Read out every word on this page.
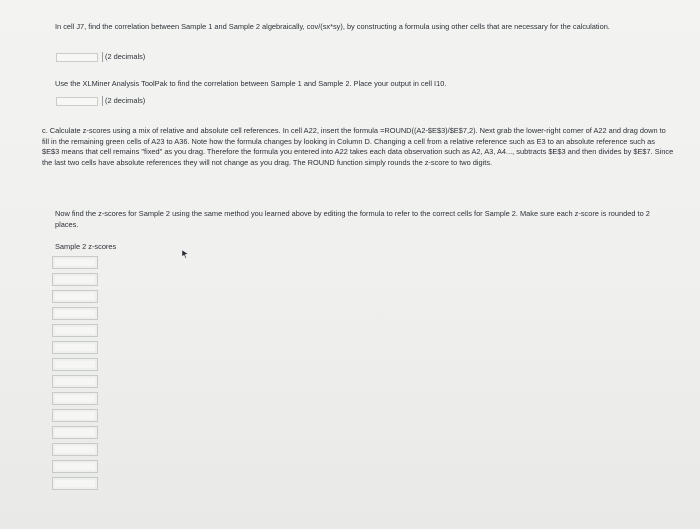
In cell J7, find the correlation between Sample 1 and Sample 2 algebraically, cov/(sx*sy), by constructing a formula using other cells that are necessary for the calculation.
(2 decimals)
Use the XLMiner Analysis ToolPak to find the correlation between Sample 1 and Sample 2. Place your output in cell I10.
(2 decimals)
c. Calculate z-scores using a mix of relative and absolute cell references. In cell A22, insert the formula =ROUND((A2-$E$3)/$E$7,2). Next grab the lower-right corner of A22 and drag down to fill in the remaining green cells of A23 to A36. Note how the formula changes by looking in Column D. Changing a cell from a relative reference such as E3 to an absolute reference such as $E$3 means that cell remains "fixed" as you drag. Therefore the formula you entered into A22 takes each data observation such as A2, A3, A4..., subtracts $E$3 and then divides by $E$7. Since the last two cells have absolute references they will not change as you drag. The ROUND function simply rounds the z-score to two digits.
Now find the z-scores for Sample 2 using the same method you learned above by editing the formula to refer to the correct cells for Sample 2. Make sure each z-score is rounded to 2 places.
Sample 2 z-scores
